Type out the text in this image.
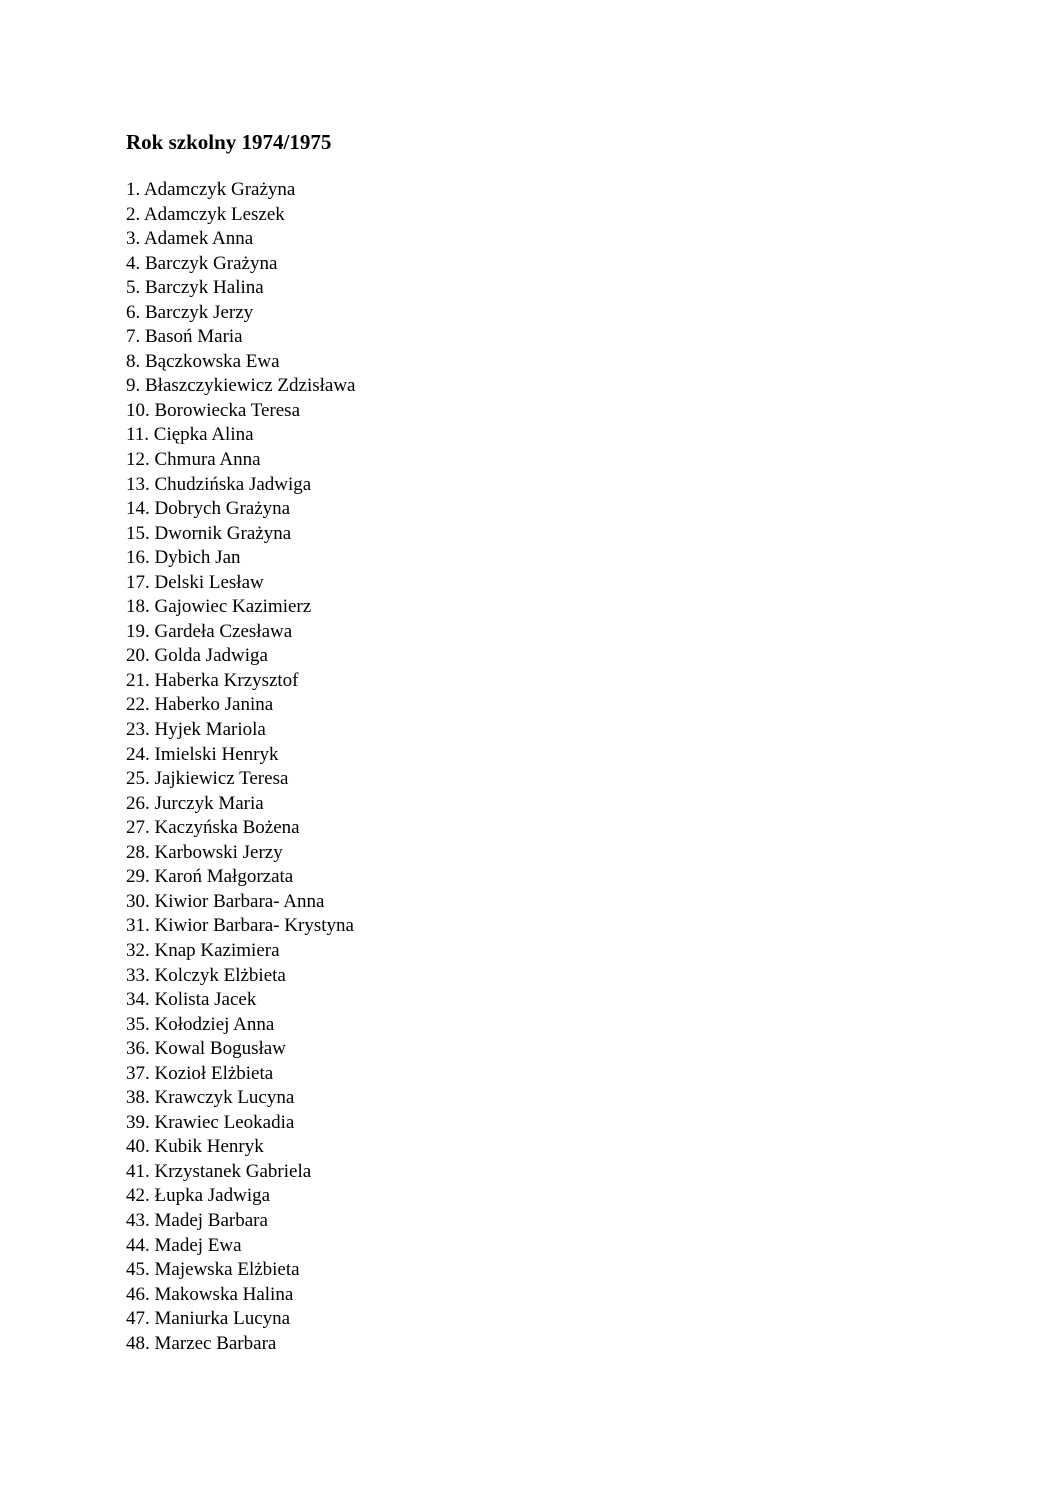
Rok szkolny 1974/1975
1. Adamczyk Grażyna
2. Adamczyk Leszek
3. Adamek Anna
4. Barczyk Grażyna
5. Barczyk Halina
6. Barczyk Jerzy
7. Basoń Maria
8. Bączkowska Ewa
9. Błaszczykiewicz Zdzisława
10. Borowiecka Teresa
11. Cięрka Alina
12. Chmura Anna
13. Chudzińska Jadwiga
14. Dobrych Grażyna
15. Dwornik Grażyna
16. Dybich Jan
17. Delski Lesław
18. Gajowiec Kazimierz
19. Gardeła Czesława
20. Golda Jadwiga
21. Haberka Krzysztof
22. Haberko Janina
23. Hyjek Mariola
24. Imielski Henryk
25. Jajkiewicz Teresa
26. Jurczyk Maria
27. Kaczyńska Bożena
28. Karbowski Jerzy
29. Karoń Małgorzata
30. Kiwior Barbara- Anna
31. Kiwior Barbara- Krystyna
32. Knap Kazimiera
33. Kolczyk Elżbieta
34. Kolista Jacek
35. Kołodziej Anna
36. Kowal Bogusław
37. Kozioł Elżbieta
38. Krawczyk Lucyna
39. Krawiec Leokadia
40. Kubik Henryk
41. Krzystanek Gabriela
42. Łupka Jadwiga
43. Madej Barbara
44. Madej Ewa
45. Majewska Elżbieta
46. Makowska Halina
47. Maniurka Lucyna
48. Marzec Barbara
